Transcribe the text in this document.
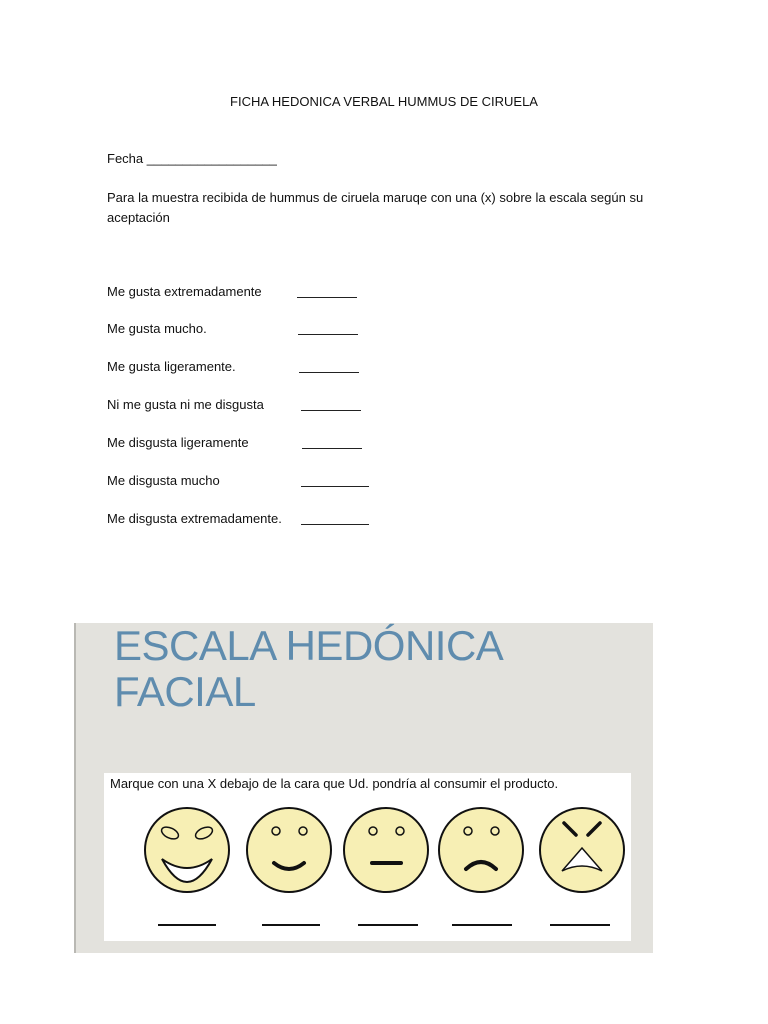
FICHA HEDONICA VERBAL HUMMUS DE CIRUELA
Fecha __________________
Para la muestra recibida de hummus de ciruela maruqe con una (x) sobre la escala según su aceptación
Me gusta extremadamente
Me gusta mucho.
Me gusta ligeramente.
Ni me gusta ni me disgusta
Me disgusta ligeramente
Me disgusta mucho
Me disgusta extremadamente.
ESCALA HEDÓNICA
FACIAL
Marque con una X debajo de la cara que Ud. pondría al consumir el producto.
